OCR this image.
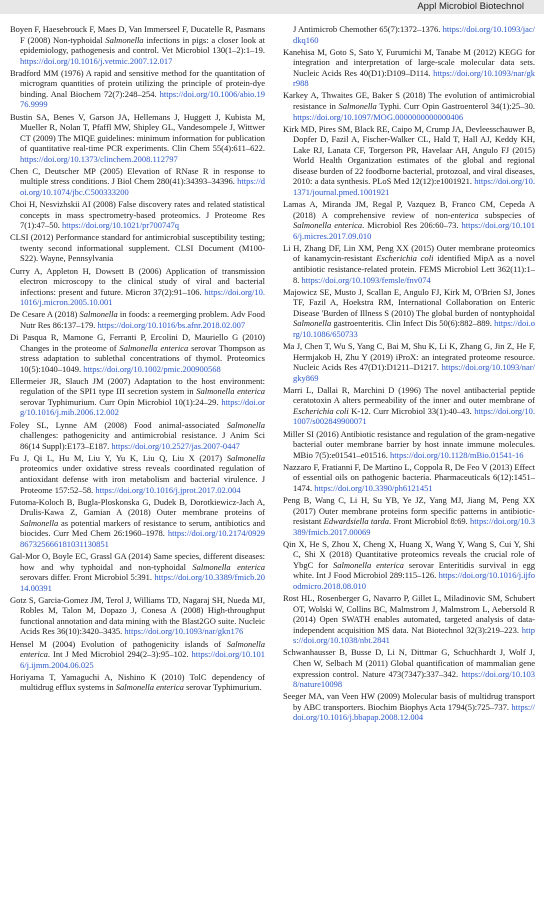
Appl Microbiol Biotechnol

Boyen F, Haesebrouck F, Maes D, Van Immerseel F, Ducatelle R, Pasmans F (2008) Non-typhoidal Salmonella infections in pigs: a closer look at epidemiology, pathogenesis and control. Vet Microbiol 130(1–2):1–19. https://doi.org/10.1016/j.vetmic.2007.12.017

Bradford MM (1976) A rapid and sensitive method for the quantitation of microgram quantities of protein utilizing the principle of protein-dye binding. Anal Biochem 72(7):248–254. https://doi.org/10.1006/abio.1976.9999

Bustin SA, Benes V, Garson JA, Hellemans J, Huggett J, Kubista M, Mueller R, Nolan T, Pfaffl MW, Shipley GL, Vandesompele J, Wittwer CT (2009) The MIQE guidelines: minimum information for publication of quantitative real-time PCR experiments. Clin Chem 55(4):611–622. https://doi.org/10.1373/clinchem.2008.112797

Chen C, Deutscher MP (2005) Elevation of RNase R in response to multiple stress conditions. J Biol Chem 280(41):34393–34396. https://doi.org/10.1074/jbc.C500333200

Choi H, Nesvizhskii AI (2008) False discovery rates and related statistical concepts in mass spectrometry-based proteomics. J Proteome Res 7(1):47–50. https://doi.org/10.1021/pr700747q

CLSI (2012) Performance standard for antimicrobial susceptibility testing; twenty second informational supplement. CLSI Document (M100-S22). Wayne, Pennsylvania

Curry A, Appleton H, Dowsett B (2006) Application of transmission electron microscopy to the clinical study of viral and bacterial infections: present and future. Micron 37(2):91–106. https://doi.org/10.1016/j.micron.2005.10.001

De Cesare A (2018) Salmonella in foods: a reemerging problem. Adv Food Nutr Res 86:137–179. https://doi.org/10.1016/bs.afnr.2018.02.007

Di Pasqua R, Mamone G, Ferranti P, Ercolini D, Mauriello G (2010) Changes in the proteome of Salmonella enterica serovar Thompson as stress adaptation to sublethal concentrations of thymol. Proteomics 10(5):1040–1049. https://doi.org/10.1002/pmic.200900568

Ellermeier JR, Slauch JM (2007) Adaptation to the host environment: regulation of the SPI1 type III secretion system in Salmonella enterica serovar Typhimurium. Curr Opin Microbiol 10(1):24–29. https://doi.org/10.1016/j.mib.2006.12.002

Foley SL, Lynne AM (2008) Food animal-associated Salmonella challenges: pathogenicity and antimicrobial resistance. J Anim Sci 86(14 Suppl):E173–E187. https://doi.org/10.2527/jas.2007-0447

Fu J, Qi L, Hu M, Liu Y, Yu K, Liu Q, Liu X (2017) Salmonella proteomics under oxidative stress reveals coordinated regulation of antioxidant defense with iron metabolism and bacterial virulence. J Proteome 157:52–58. https://doi.org/10.1016/j.jprot.2017.02.004

Futoma-Koloch B, Bugla-Ploskonska G, Dudek B, Dorotkiewicz-Jach A, Drulis-Kawa Z, Gamian A (2018) Outer membrane proteins of Salmonella as potential markers of resistance to serum, antibiotics and biocides. Curr Med Chem 26:1960–1978. https://doi.org/10.2174/0929867325666181031130851

Gal-Mor O, Boyle EC, Grassl GA (2014) Same species, different diseases: how and why typhoidal and non-typhoidal Salmonella enterica serovars differ. Front Microbiol 5:391. https://doi.org/10.3389/fmicb.2014.00391

Gotz S, Garcia-Gomez JM, Terol J, Williams TD, Nagaraj SH, Nueda MJ, Robles M, Talon M, Dopazo J, Conesa A (2008) High-throughput functional annotation and data mining with the Blast2GO suite. Nucleic Acids Res 36(10):3420–3435. https://doi.org/10.1093/nar/gkn176

Hensel M (2004) Evolution of pathogenicity islands of Salmonella enterica. Int J Med Microbiol 294(2–3):95–102. https://doi.org/10.1016/j.ijmm.2004.06.025

Horiyama T, Yamaguchi A, Nishino K (2010) TolC dependency of multidrug efflux systems in Salmonella enterica serovar Typhimurium.

J Antimicrob Chemother 65(7):1372–1376. https://doi.org/10.1093/jac/dkq160

Kanehisa M, Goto S, Sato Y, Furumichi M, Tanabe M (2012) KEGG for integration and interpretation of large-scale molecular data sets. Nucleic Acids Res 40(D1):D109–D114. https://doi.org/10.1093/nar/gkr988

Karkey A, Thwaites GE, Baker S (2018) The evolution of antimicrobial resistance in Salmonella Typhi. Curr Opin Gastroenterol 34(1):25–30. https://doi.org/10.1097/MOG.0000000000000406

Kirk MD, Pires SM, Black RE, Caipo M, Crump JA, Devleesschauwer B, Dopfer D, Fazil A, Fischer-Walker CL, Hald T, Hall AJ, Keddy KH, Lake RJ, Lanata CF, Torgerson PR, Havelaar AH, Angulo FJ (2015) World Health Organization estimates of the global and regional disease burden of 22 foodborne bacterial, protozoal, and viral diseases, 2010: a data synthesis. PLoS Med 12(12):e1001921. https://doi.org/10.1371/journal.pmed.1001921

Lamas A, Miranda JM, Regal P, Vazquez B, Franco CM, Cepeda A (2018) A comprehensive review of non-enterica subspecies of Salmonella enterica. Microbiol Res 206:60–73. https://doi.org/10.1016/j.micres.2017.09.010

Li H, Zhang DF, Lin XM, Peng XX (2015) Outer membrane proteomics of kanamycin-resistant Escherichia coli identified MipA as a novel antibiotic resistance-related protein. FEMS Microbiol Lett 362(11):1–8. https://doi.org/10.1093/femsle/fnv074

Majowicz SE, Musto J, Scallan E, Angulo FJ, Kirk M, O'Brien SJ, Jones TF, Fazil A, Hoekstra RM, International Collaboration on Enteric Disease 'Burden of Illness S (2010) The global burden of nontyphoidal Salmonella gastroenteritis. Clin Infect Dis 50(6):882–889. https://doi.org/10.1086/650733

Ma J, Chen T, Wu S, Yang C, Bai M, Shu K, Li K, Zhang G, Jin Z, He F, Hermjakob H, Zhu Y (2019) iProX: an integrated proteome resource. Nucleic Acids Res 47(D1):D1211–D1217. https://doi.org/10.1093/nar/gky869

Marri L, Dallai R, Marchini D (1996) The novel antibacterial peptide ceratotoxin A alters permeability of the inner and outer membrane of Escherichia coli K-12. Curr Microbiol 33(1):40–43. https://doi.org/10.1007/s002849900071

Miller SI (2016) Antibiotic resistance and regulation of the gram-negative bacterial outer membrane barrier by host innate immune molecules. MBio 7(5):e01541–e01516. https://doi.org/10.1128/mBio.01541-16

Nazzaro F, Fratianni F, De Martino L, Coppola R, De Feo V (2013) Effect of essential oils on pathogenic bacteria. Pharmaceuticals 6(12):1451–1474. https://doi.org/10.3390/ph6121451

Peng B, Wang C, Li H, Su YB, Ye JZ, Yang MJ, Jiang M, Peng XX (2017) Outer membrane proteins form specific patterns in antibiotic-resistant Edwardsiella tarda. Front Microbiol 8:69. https://doi.org/10.3389/fmicb.2017.00069

Qin X, He S, Zhou X, Cheng X, Huang X, Wang Y, Wang S, Cui Y, Shi C, Shi X (2018) Quantitative proteomics reveals the crucial role of YbgC for Salmonella enterica serovar Enteritidis survival in egg white. Int J Food Microbiol 289:115–126. https://doi.org/10.1016/j.ijfoodmicro.2018.08.010

Rost HL, Rosenberger G, Navarro P, Gillet L, Miladinovic SM, Schubert OT, Wolski W, Collins BC, Malmstrom J, Malmstrom L, Aebersold R (2014) Open SWATH enables automated, targeted analysis of data-independent acquisition MS data. Nat Biotechnol 32(3):219–223. https://doi.org/10.1038/nbt.2841

Schwanhausser B, Busse D, Li N, Dittmar G, Schuchhardt J, Wolf J, Chen W, Selbach M (2011) Global quantification of mammalian gene expression control. Nature 473(7347):337–342. https://doi.org/10.1038/nature10098

Seeger MA, van Veen HW (2009) Molecular basis of multidrug transport by ABC transporters. Biochim Biophys Acta 1794(5):725–737. https://doi.org/10.1016/j.bbapap.2008.12.004
